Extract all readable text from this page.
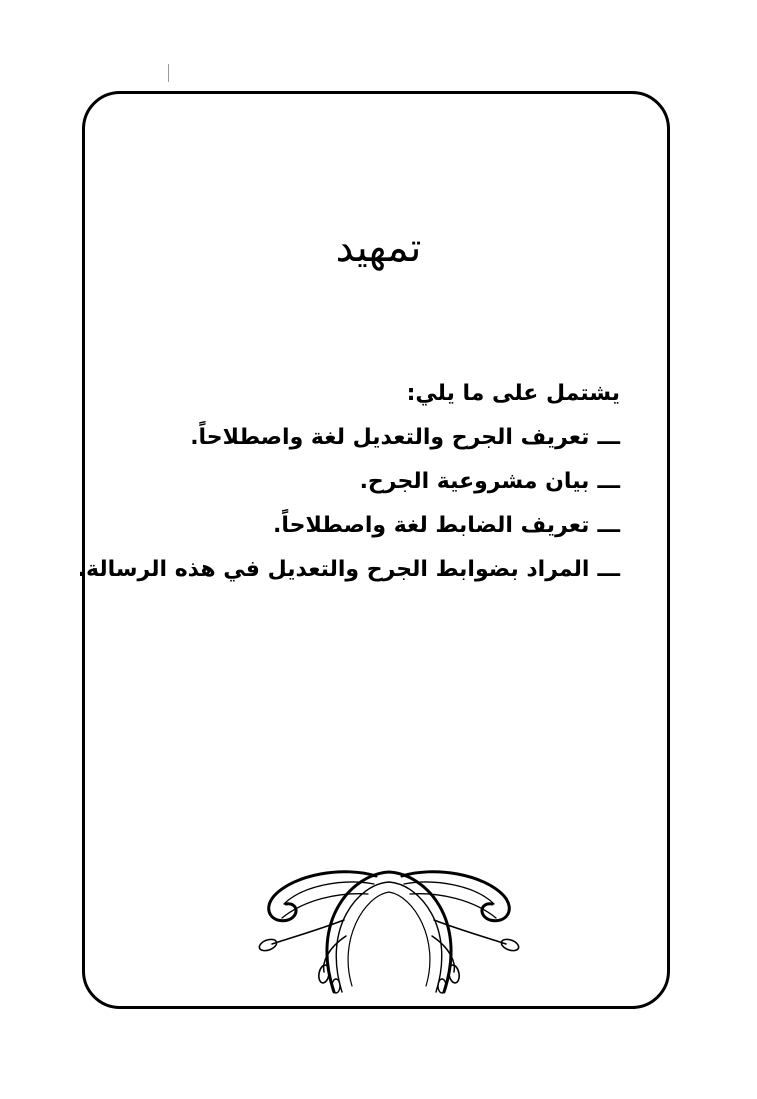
تمهيد
يشتمل على ما يلي:
ـــتعريف الجرح والتعديل لغة واصطلاحاً.
ـــبيان مشروعية الجرح.
ـــتعريف الضابط لغة واصطلاحاً.
ـــالمراد بضوابط الجرح والتعديل في هذه الرسالة.
